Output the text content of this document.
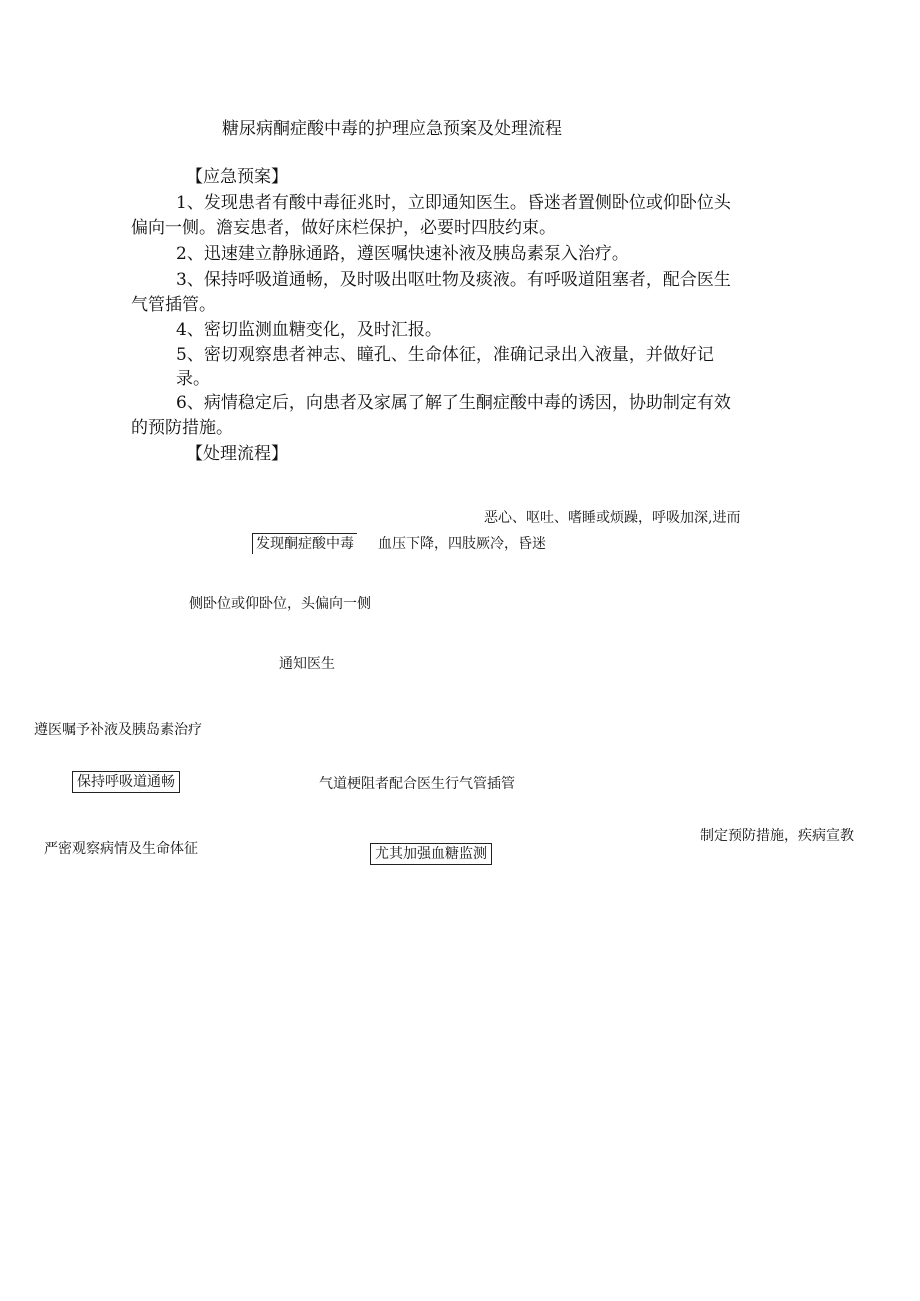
糖尿病酮症酸中毒的护理应急预案及处理流程
【应急预案】
1、发现患者有酸中毒征兆时，立即通知医生。昏迷者置侧卧位或仰卧位头
偏向一侧。澹妄患者，做好床栏保护，必要时四肢约束。
2、迅速建立静脉通路，遵医嘱快速补液及胰岛素泵入治疗。
3、保持呼吸道通畅，及时吸出呕吐物及痰液。有呼吸道阻塞者，配合医生
气管插管。
4、密切监测血糖变化，及时汇报。
5、密切观察患者神志、瞳孔、生命体征，准确记录出入液量，并做好记
录。
6、病情稳定后，向患者及家属了解了生酮症酸中毒的诱因，协助制定有效
的预防措施。
【处理流程】
恶心、呕吐、嗜睡或烦躁，呼吸加深,进而
发现酮症酸中毒 血压下降，四肢厥冷，昏迷
侧卧位或仰卧位，头偏向一侧
通知医生
遵医嘱予补液及胰岛素治疗
保持呼吸道通畅	气道梗阻者配合医生行气管插管
制定预防措施，疾病宣教
严密观察病情及生命体征	尤其加强血糖监测
